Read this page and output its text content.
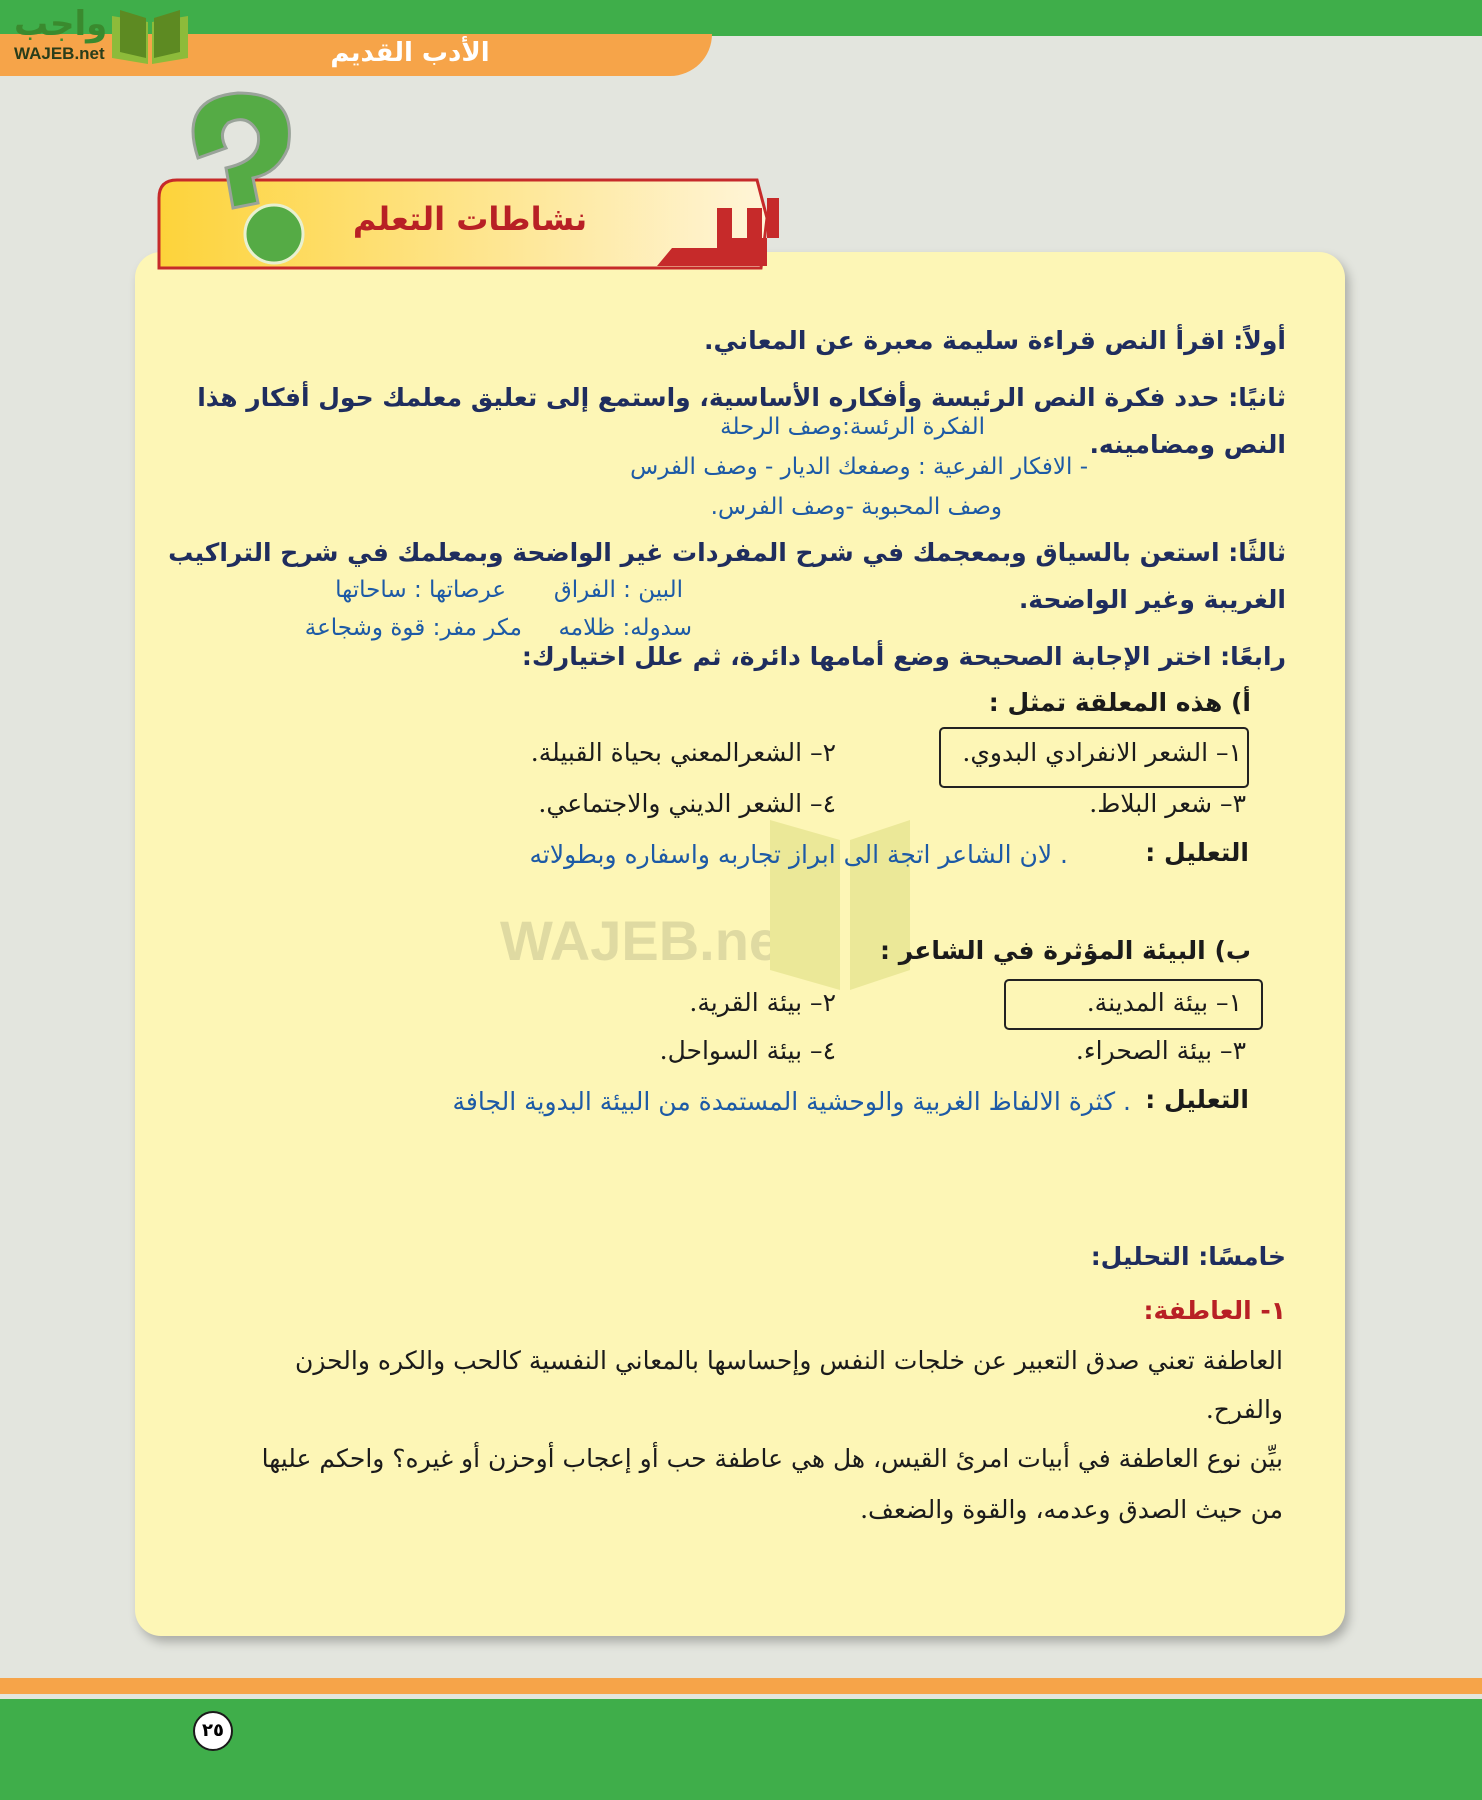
الأدب القديم
واجب
WAJEB.net
نشاطات التعلم
WAJEB.net
أولاً: اقرأ النص قراءة سليمة معبرة عن المعاني.
ثانيًا: حدد فكرة النص الرئيسة وأفكاره الأساسية، واستمع إلى تعليق معلمك حول أفكار هذا
النص ومضامينه.
الفكرة الرئسة:وصف الرحلة
- الافكار الفرعية : وصفعك الديار - وصف الفرس
وصف المحبوبة -وصف الفرس.
ثالثًا: استعن بالسياق وبمعجمك في شرح المفردات غير الواضحة وبمعلمك في شرح التراكيب
الغريبة وغير الواضحة.
البين : الفراق
عرصاتها : ساحاتها
سدوله: ظلامه
مكر مفر: قوة وشجاعة
رابعًا: اختر الإجابة الصحيحة وضع أمامها دائرة، ثم علل اختيارك:
أ) هذه المعلقة تمثل :
١– الشعر الانفرادي البدوي.
٢– الشعرالمعني بحياة القبيلة.
٣– شعر البلاط.
٤– الشعر الديني والاجتماعي.
التعليل :
. لان الشاعر اتجة الى ابراز تجاربه واسفاره وبطولاته
ب) البيئة المؤثرة في الشاعر :
١– بيئة المدينة.
٢– بيئة القرية.
٣– بيئة الصحراء.
٤– بيئة السواحل.
التعليل :
. كثرة الالفاظ الغربية والوحشية المستمدة من البيئة البدوية الجافة
خامسًا: التحليل:
١- العاطفة:
العاطفة تعني صدق التعبير عن خلجات النفس وإحساسها بالمعاني النفسية كالحب والكره والحزن
والفرح.
بيِّن نوع العاطفة في أبيات امرئ القيس، هل هي عاطفة حب أو إعجاب أوحزن أو غيره؟ واحكم عليها
من حيث الصدق وعدمه، والقوة والضعف.
٢٥
